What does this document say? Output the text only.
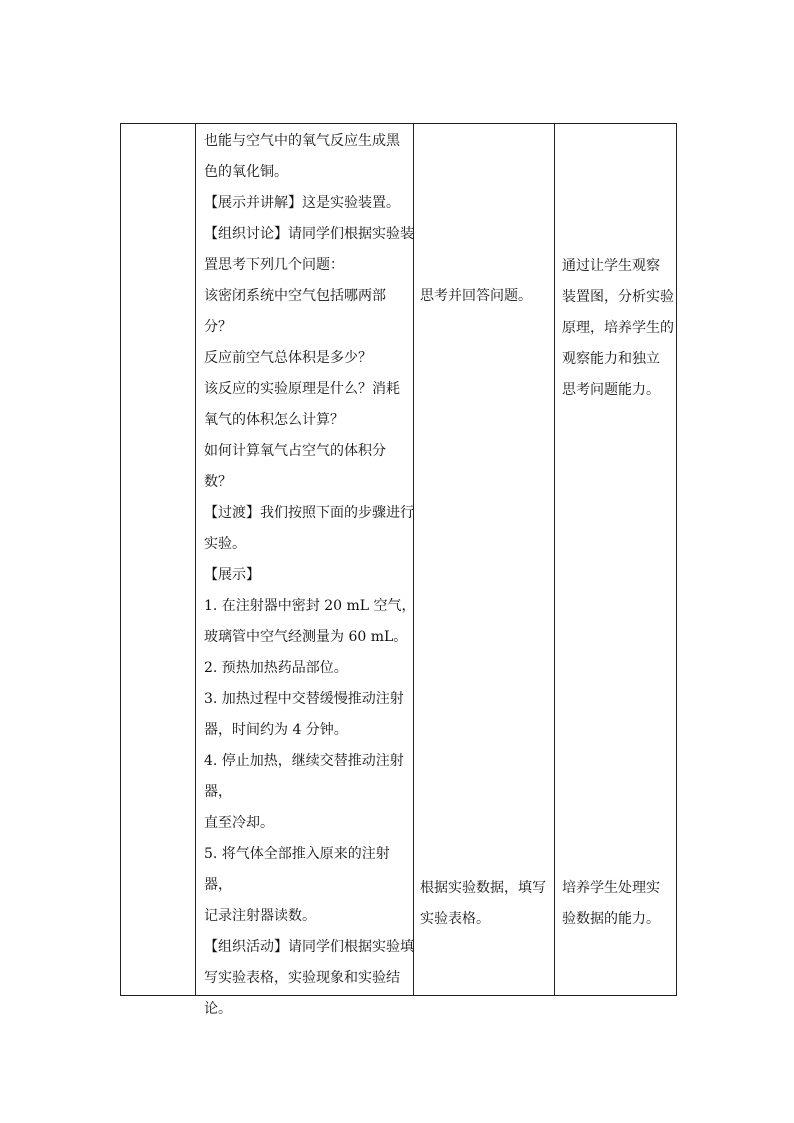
也能与空气中的氧气反应生成黑

色的氧化铜。

【展示并讲解】这是实验装置。

【组织讨论】请同学们根据实验装

置思考下列几个问题：

该密闭系统中空气包括哪两部

分？

反应前空气总体积是多少？

该反应的实验原理是什么？消耗

氧气的体积怎么计算？

如何计算氧气占空气的体积分

数？

【过渡】我们按照下面的步骤进行

实验。

【展示】

1. 在注射器中密封 20 mL 空气，

玻璃管中空气经测量为 60 mL。

2. 预热加热药品部位。

3. 加热过程中交替缓慢推动注射

器，时间约为 4 分钟。

4. 停止加热，继续交替推动注射器，

直至冷却。

5. 将气体全部推入原来的注射器，

记录注射器读数。

【组织活动】请同学们根据实验填

写实验表格，实验现象和实验结

论。

思考并回答问题。

根据实验数据，填写

实验表格。

通过让学生观察

装置图，分析实验

原理，培养学生的

观察能力和独立

思考问题能力。

培养学生处理实

验数据的能力。
